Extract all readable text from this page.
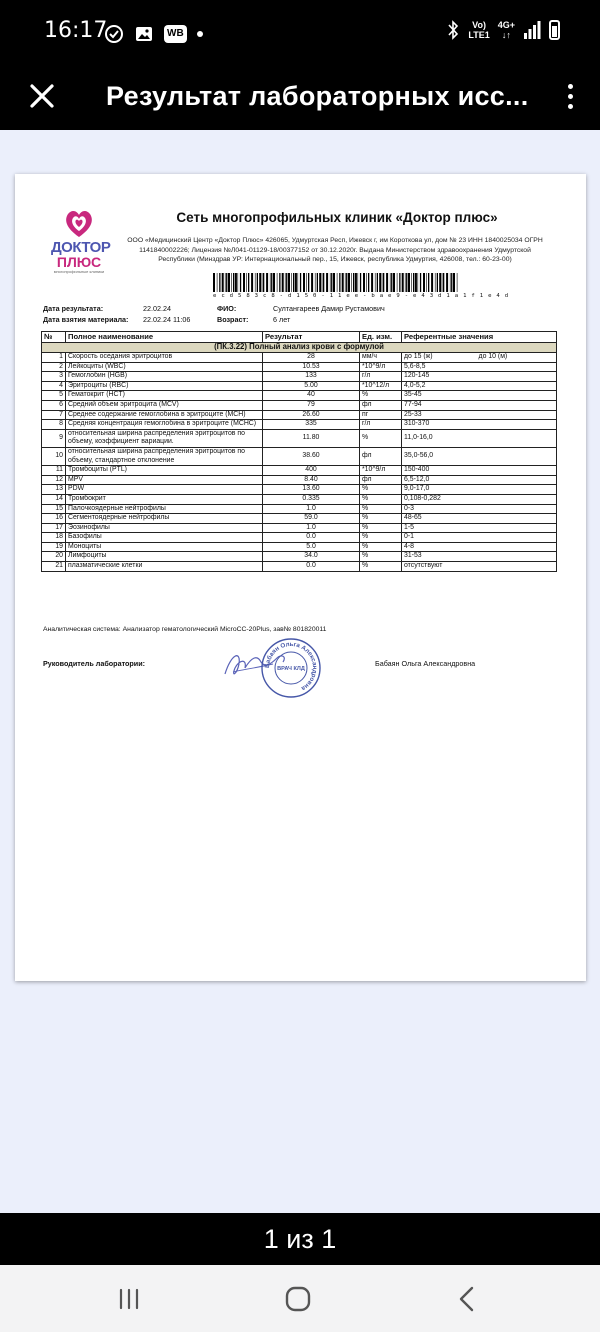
16:17	WB
Vo)
LTE1
4G+
↓↑
Результат лабораторных исс...
ДОКТОР
ПЛЮС
многопрофильные клиники
Сеть многопрофильных клиник «Доктор плюс»
ООО «Медицинский Центр «Доктор Плюс» 426065, Удмуртская Респ, Ижевск г, им Короткова ул, дом № 23 ИНН 1840025034 ОГРН 1141840002226; Лицензия №Л041-01129-18/00377152 от 30.12.2020г. Выдана Министерством здравоохранения Удмуртской Республики (Минздрав УР: Интернациональный пер., 15, Ижевск, республика Удмуртия, 426008, тел.: 60-23-00)
e c d 5 8 3 c 8 - d 1 5 0 - 1 1 e e - b a e 9 - e 4 3 d 1 a 1 f 1 e 4 d
Дата результата:	22.02.24
Дата взятия материала: 22.02.24 11:06
ФИО:	Султангареев Дамир Рустамович
Возраст:	6 лет
№	Полное наименование	Результат	Ед. изм.	Референтные значения
(ПК.3.22) Полный анализ крови с формулой				
1	Скорость оседания эритроцитов	28	мм/ч	до 15 (ж) до 10 (м)
2	Лейкоциты (WBC)	10.53	*10^9/л	5,6-8,5
3	Гемоглобин (HGB)	133	г/л	120-145
4	Эритроциты (RBC)	5.00	*10^12/л	4,0-5,2
5	Гематокрит (HCT)	40	%	35-45
6	Средний объем эритроцита (MCV)	79	фл	77-94
7	Среднее содержание гемоглобина в эритроците (MCH)	26.60	пг	25-33
8	Средняя концентрация гемоглобина в эритроците (MCHC)	335	г/л	310-370
9	относительная ширина распределения эритроцитов по объему, коэффициент вариации.	11.80	%	11,0-16,0
10	относительная ширина распределения эритроцитов по объему, стандартное отклонение	38.60	фл	35,0-56,0
11	Тромбоциты (PTL)	400	*10^9/л	150-400
12	MPV	8.40	фл	6,5-12,0
13	PDW	13.60	%	9,0-17,0
14	Тромбокрит	0.335	%	0,108-0,282
15	Палочкоядерные нейтрофилы	1.0	%	0-3
16	Сегментоядерные нейтрофилы	59.0	%	48-65
17	Эозинофилы	1.0	%	1-5
18	Базофилы	0.0	%	0-1
19	Моноциты	5.0	%	4-8
20	Лимфоциты	34.0	%	31-53
21	плазматические клетки	0.0	%	отсутствуют
Аналитическая система: Анализатор гематологический MicroCC-20Plus, зав№ 801820011
Руководитель лаборатории:	Бабаян Ольга Александровна
ВРАЧ КЛД
Бабаян Ольга Александровна
1 из 1
